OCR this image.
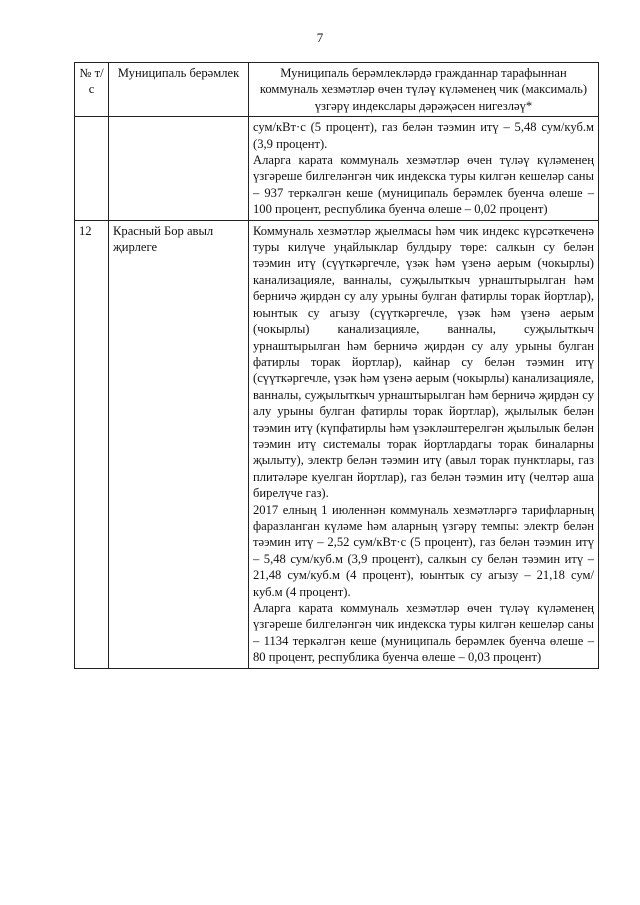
7
№ т/с	Муниципаль берәмлек	Муниципаль берәмлекләрдә гражданнар тарафыннан коммуналь хезмәтләр өчен түләү күләменең чик (максималь) үзгәрү индекслары дәрәҗәсен нигезләү*

		сум/кВт·с (5 процент), газ белән тәэмин итү – 5,48 сум/куб.м (3,9 процент).

Аларга карата коммуналь хезмәтләр өчен түләү күләменең үзгәреше билгеләнгән чик индекска туры килгән кешеләр саны – 937 теркәлгән кеше (муниципаль берәмлек буенча өлеше – 100 процент, республика буенча өлеше – 0,02 процент)

12	Красный Бор авыл җирлеге	Коммуналь хезмәтләр җыелмасы һәм чик индекс күрсәткеченә туры килүче уңайлыклар булдыру төре: салкын су белән тәэмин итү (сүүткәргечле, үзәк һәм үзенә аерым (чокырлы) канализацияле, ванналы, суҗылыткыч урнаштырылган һәм берничә җирдән су алу урыны булган фатирлы торак йортлар), юынтык су агызу (сүүткәргечле, үзәк һәм үзенә аерым (чокырлы) канализацияле, ванналы, суҗылыткыч урнаштырылган һәм берничә җирдән су алу урыны булган фатирлы торак йортлар), кайнар су белән тәэмин итү (сүүткәргечле, үзәк һәм үзенә аерым (чокырлы) канализацияле, ванналы, суҗылыткыч урнаштырылган һәм берничә җирдән су алу урыны булган фатирлы торак йортлар), җылылык белән тәэмин итү (күпфатирлы һәм үзәкләштерелгән җылылык белән тәэмин итү системалы торак йортлардагы торак биналарны җылыту), электр белән тәэмин итү (авыл торак пунктлары, газ плитәләре куелган йортлар), газ белән тәэмин итү (челтәр аша бирелүче газ).

2017 елның 1 июленнән коммуналь хезмәтләргә тарифларның фаразланган күләме һәм аларның үзгәрү темпы: электр белән тәэмин итү – 2,52 сум/кВт·с (5 процент), газ белән тәэмин итү – 5,48 сум/куб.м (3,9 процент), салкын су белән тәэмин итү – 21,48 сум/куб.м (4 процент), юынтык су агызу – 21,18 сум/куб.м (4 процент).

Аларга карата коммуналь хезмәтләр өчен түләү күләменең үзгәреше билгеләнгән чик индекска туры килгән кешеләр саны – 1134 теркәлгән кеше (муниципаль берәмлек буенча өлеше – 80 процент, республика буенча өлеше – 0,03 процент)
